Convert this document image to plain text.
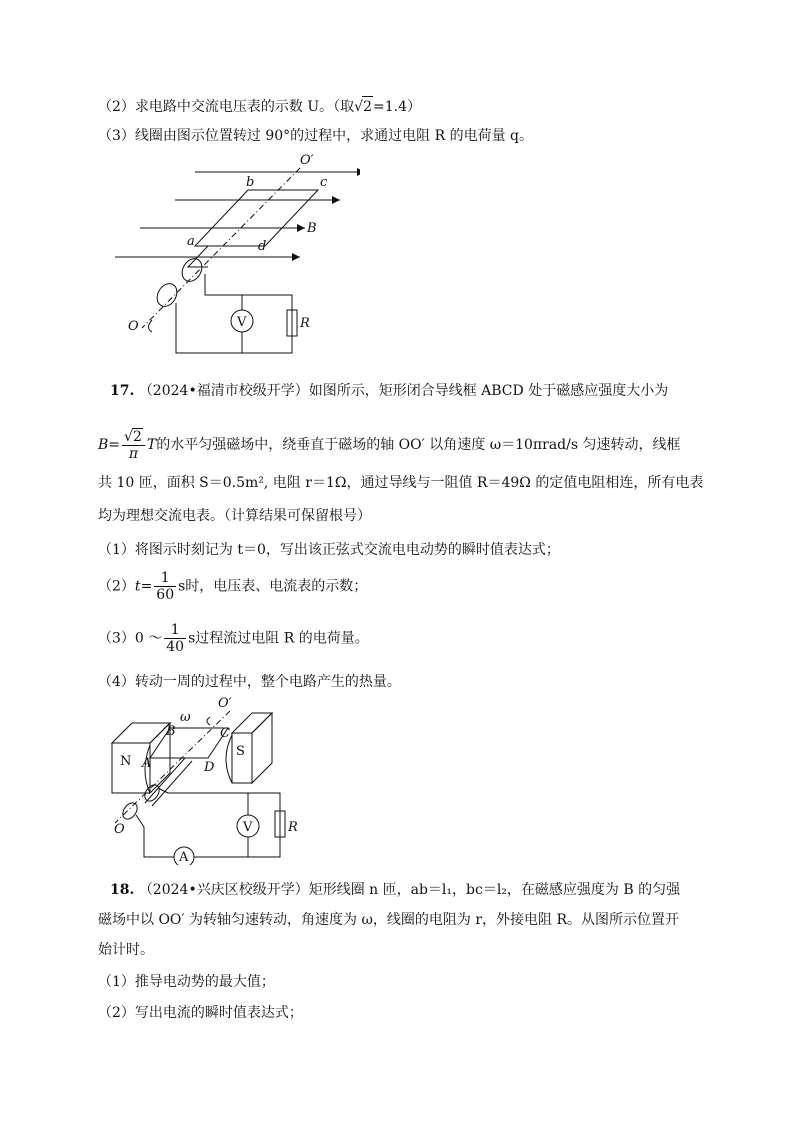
（2）求电路中交流电压表的示数 U。（取√2=1.4）
（3）线圈由图示位置转过 90°的过程中，求通过电阻 R 的电荷量 q。
O′
b	c
B
a	d
V	R
O
17. （2024•福清市校级开学）如图所示，矩形闭合导线框 ABCD 处于磁感应强度大小为
$B= \frac{√2}{\pi}$ T的水平匀强磁场中，绕垂直于磁场的轴 OO′ 以角速度 ω＝10πrad/s 匀速转动，线框
共 10 匝，面积 S＝0.5m², 电阻 r＝1Ω，通过导线与一阻值 R＝49Ω 的定值电阻相连，所有电表
均为理想交流电表。（计算结果可保留根号）
（1）将图示时刻记为 t＝0，写出该正弦式交流电电动势的瞬时值表达式；
$(2)t= \frac{1}{60}$ s时，电压表、电流表的示数；
（3）0 ～ $\frac{1}{40}$ s过程流过电阻 R 的电荷量。
（4）转动一周的过程中，整个电路产生的热量。
O′
ω
B	C
N
S
A	D
V	R
O
A
18. （2024•兴庆区校级开学）矩形线圈 n 匝，ab＝l₁，bc＝l₂，在磁感应强度为 B 的匀强
磁场中以 OO′ 为转轴匀速转动，角速度为 ω，线圈的电阻为 r，外接电阻 R。从图所示位置开
始计时。
（1）推导电动势的最大值；
（2）写出电流的瞬时值表达式；
